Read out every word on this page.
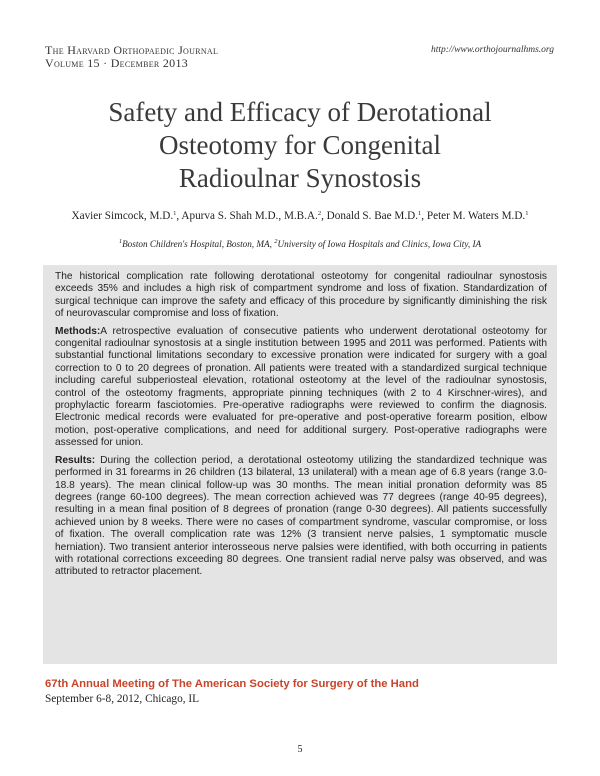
The Harvard Orthopaedic Journal
Volume 15 · December 2013
http://www.orthojournalhms.org
Safety and Efficacy of Derotational
Osteotomy for Congenital
Radioulnar Synostosis
Xavier Simcock, M.D.$^1$, Apurva S. Shah M.D., M.B.A.$^2$, Donald S. Bae M.D.$^1$, Peter M. Waters M.D.$^1$
$^1$Boston Children's Hospital, Boston, MA, $^2$University of Iowa Hospitals and Clinics, Iowa City, IA

The historical complication rate following derotational osteotomy for congenital radioulnar synostosis exceeds 35% and includes a high risk of compartment syndrome and loss of fixation. Standardization of surgical technique can improve the safety and efficacy of this procedure by significantly diminishing the risk of neurovascular compromise and loss of fixation.

Methods:A retrospective evaluation of consecutive patients who underwent derotational osteotomy for congenital radioulnar synostosis at a single institution between 1995 and 2011 was performed. Patients with substantial functional limitations secondary to excessive pronation were indicated for surgery with a goal correction to 0 to 20 degrees of pronation. All patients were treated with a standardized surgical technique including careful subperiosteal elevation, rotational osteotomy at the level of the radioulnar synostosis, control of the osteotomy fragments, appropriate pinning techniques (with 2 to 4 Kirschner-wires), and prophylactic forearm fasciotomies. Pre-operative radiographs were reviewed to confirm the diagnosis. Electronic medical records were evaluated for pre-operative and post-operative forearm position, elbow motion, post-operative complications, and need for additional surgery. Post-operative radiographs were assessed for union.

Results: During the collection period, a derotational osteotomy utilizing the standardized technique was performed in 31 forearms in 26 children (13 bilateral, 13 unilateral) with a mean age of 6.8 years (range 3.0-18.8 years). The mean clinical follow-up was 30 months. The mean initial pronation deformity was 85 degrees (range 60-100 degrees). The mean correction achieved was 77 degrees (range 40-95 degrees), resulting in a mean final position of 8 degrees of pronation (range 0-30 degrees). All patients successfully achieved union by 8 weeks. There were no cases of compartment syndrome, vascular compromise, or loss of fixation. The overall complication rate was 12% (3 transient nerve palsies, 1 symptomatic muscle herniation). Two transient anterior interosseous nerve palsies were identified, with both occurring in patients with rotational corrections exceeding 80 degrees. One transient radial nerve palsy was observed, and was attributed to retractor placement.

67th Annual Meeting of The American Society for Surgery of the Hand
September 6-8, 2012, Chicago, IL
5
